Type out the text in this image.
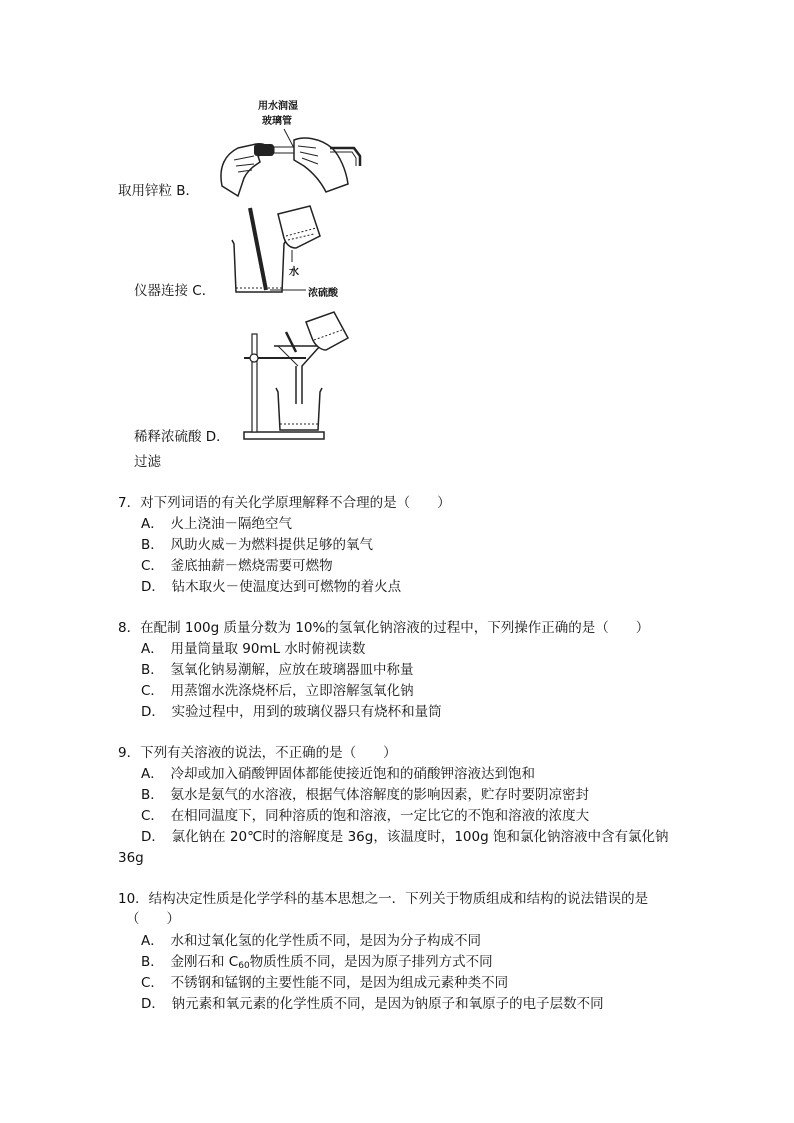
用水润湿
玻璃管
取用锌粒 B．
水
浓硫酸
仪器连接 C．
稀释浓硫酸 D．
过滤
7．对下列词语的有关化学原理解释不合理的是（　　）
A．　火上浇油－隔绝空气
B．　风助火威－为燃料提供足够的氧气
C．　釜底抽薪－燃烧需要可燃物
D．　钻木取火－使温度达到可燃物的着火点
8．在配制 100g 质量分数为 10%的氢氧化钠溶液的过程中，下列操作正确的是（　　）
A．　用量筒量取 90mL 水时俯视读数
B．　氢氧化钠易潮解，应放在玻璃器皿中称量
C．　用蒸馏水洗涤烧杯后，立即溶解氢氧化钠
D．　实验过程中，用到的玻璃仪器只有烧杯和量筒
9．下列有关溶液的说法，不正确的是（　　）
A．　冷却或加入硝酸钾固体都能使接近饱和的硝酸钾溶液达到饱和
B．　氨水是氨气的水溶液，根据气体溶解度的影响因素，贮存时要阴凉密封
C．　在相同温度下，同种溶质的饱和溶液，一定比它的不饱和溶液的浓度大
D．　氯化钠在 20℃时的溶解度是 36g，该温度时，100g 饱和氯化钠溶液中含有氯化钠
36g
10．结构决定性质是化学学科的基本思想之一．下列关于物质组成和结构的说法错误的是
（　　）
A．　水和过氧化氢的化学性质不同，是因为分子构成不同
B．　金刚石和 $C_{60}$物质性质不同，是因为原子排列方式不同
C．　不锈钢和锰钢的主要性能不同，是因为组成元素种类不同
D．　钠元素和氧元素的化学性质不同，是因为钠原子和氧原子的电子层数不同
